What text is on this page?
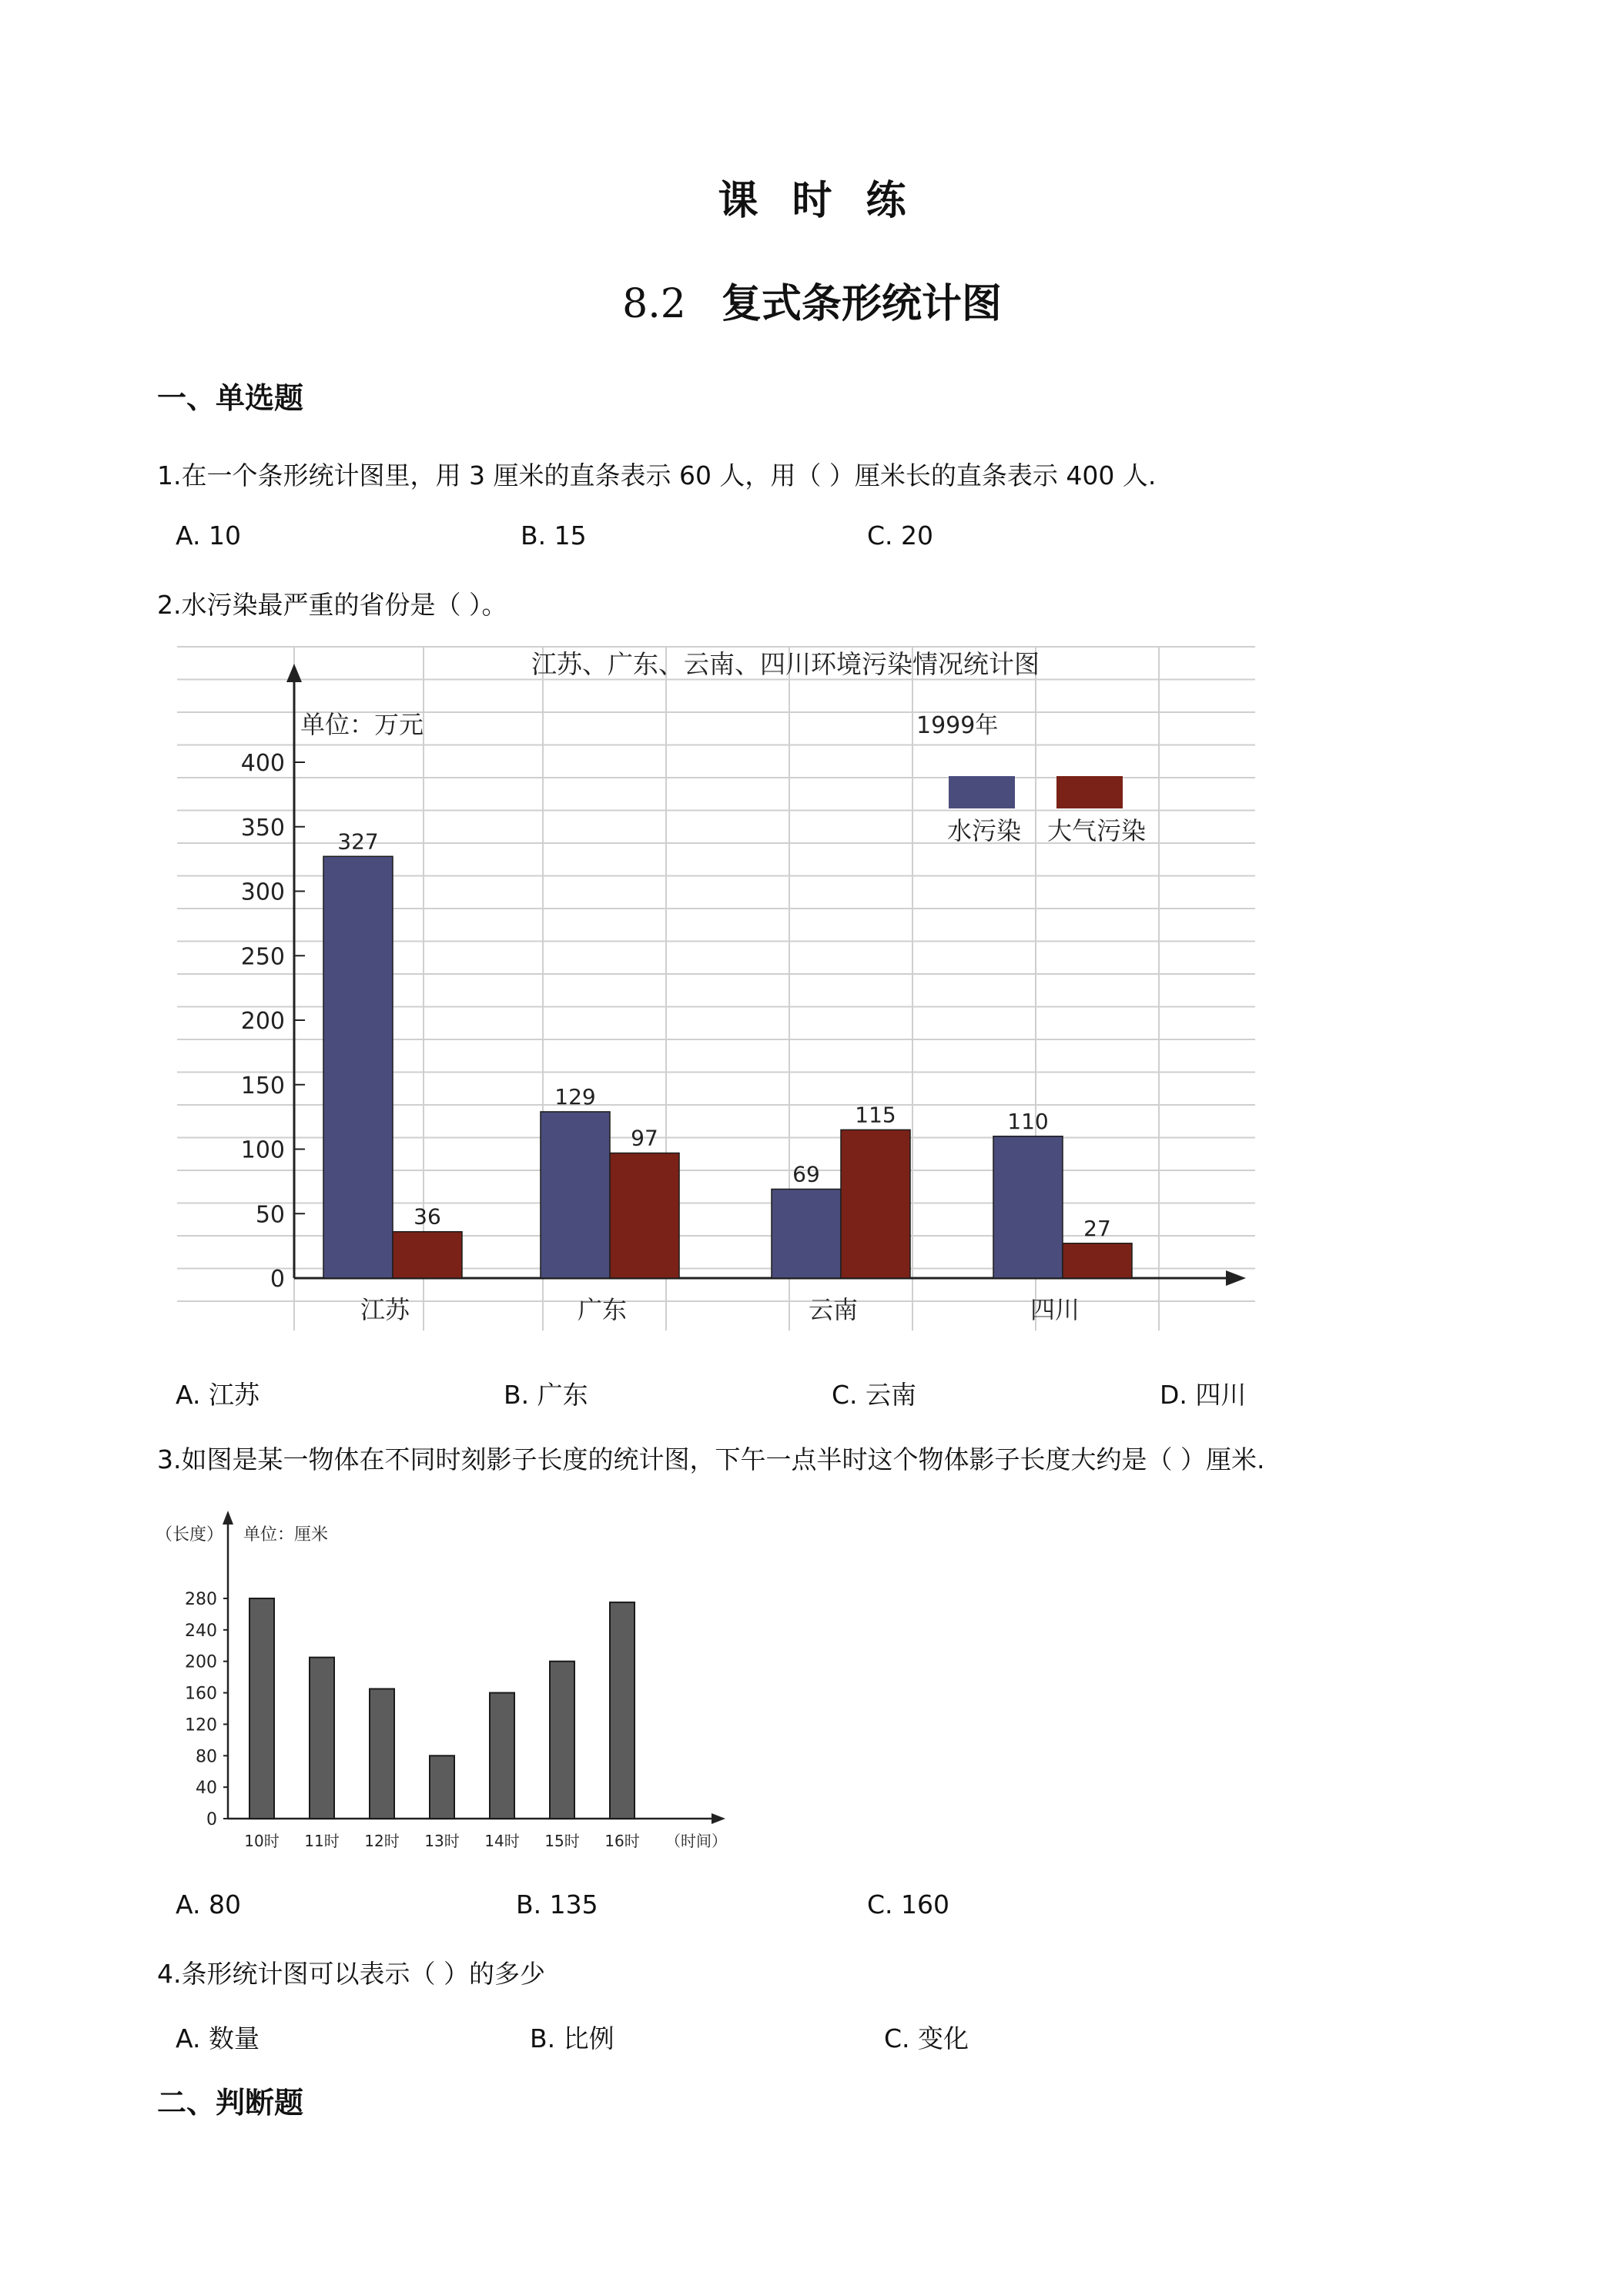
课 时 练
8.2 复式条形统计图
一、单选题
1.在一个条形统计图里，用 3 厘米的直条表示 60 人，用（ ）厘米长的直条表示 400 人.
A. 10	B. 15	C. 20
2.水污染最严重的省份是（ ）。
江苏、广东、云南、四川环境污染情况统计图
单位：万元	1999年
水污染 大气污染
0
50
100
150
200
250
300
350
400
327
36
江苏
129
97
广东
69
115
云南
110
27
四川
A. 江苏	B. 广东	C. 云南	D. 四川
3.如图是某一物体在不同时刻影子长度的统计图，下午一点半时这个物体影子长度大约是（ ）厘米.
（长度） 单位：厘米
0
40
80
120
160
200
240
280
10时 11时 12时 13时 14时 15时 16时 （时间）
A. 80	B. 135	C. 160
4.条形统计图可以表示（ ）的多少
A. 数量	B. 比例	C. 变化
二、判断题
